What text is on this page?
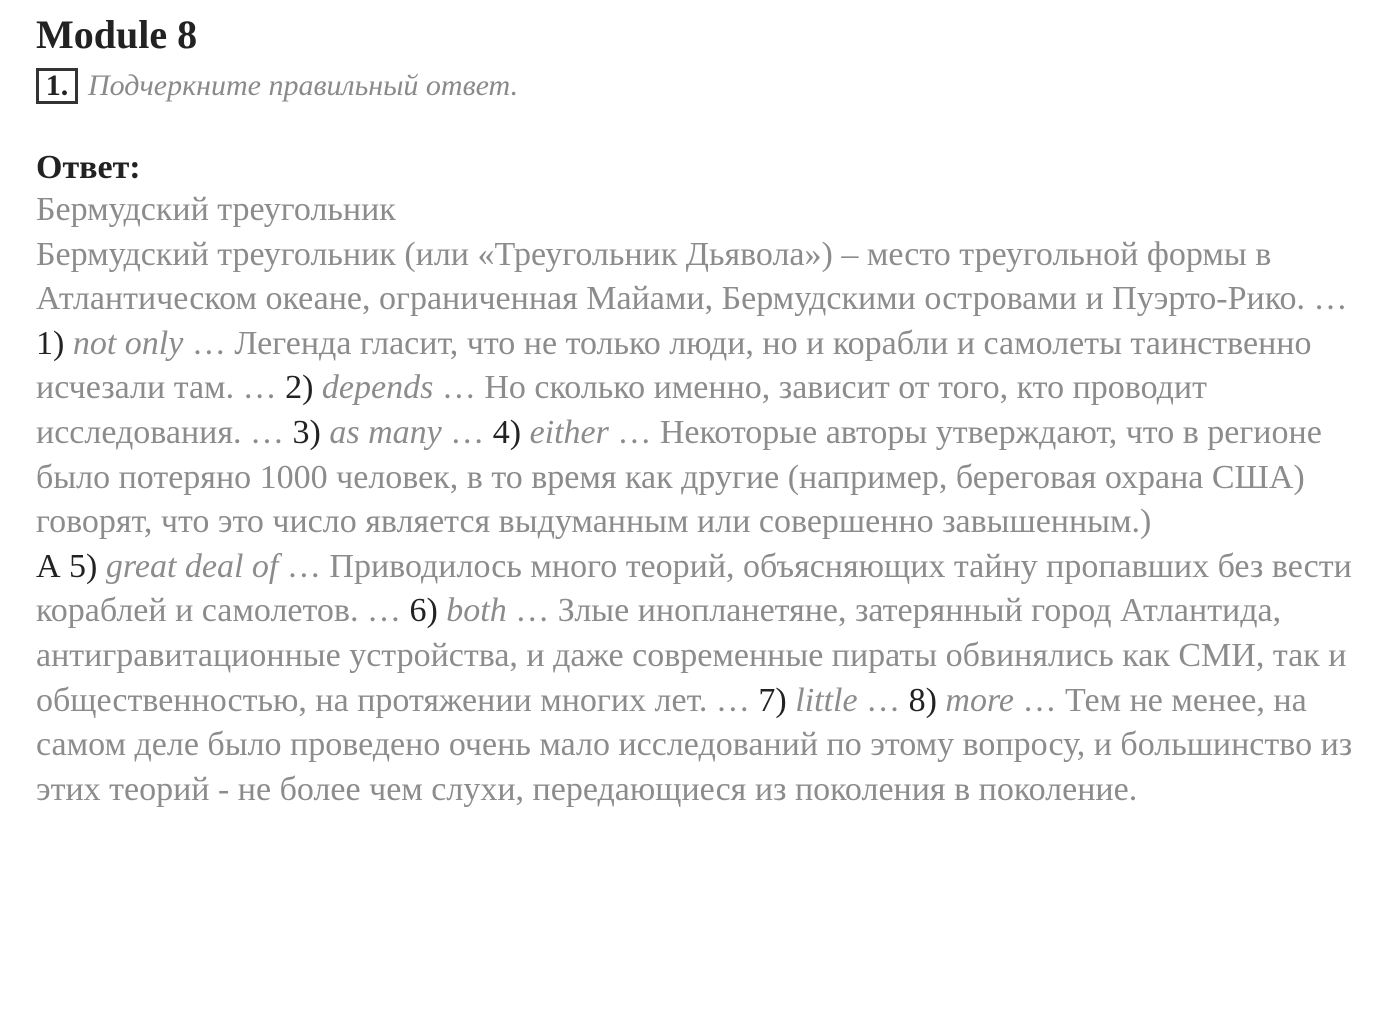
Module 8
1. Подчеркните правильный ответ.
Ответ:

Бермудский треугольник

Бермудский треугольник (или «Треугольник Дьявола») – место треугольной формы в Атлантическом океане, ограниченная Майами, Бермудскими островами и Пуэрто-Рико. … 1) not only … Легенда гласит, что не только люди, но и корабли и самолеты таинственно исчезали там. … 2) depends … Но сколько именно, зависит от того, кто проводит исследования. … 3) as many … 4) either … Некоторые авторы утверждают, что в регионе было потеряно 1000 человек, в то время как другие (например, береговая охрана США) говорят, что это число является выдуманным или совершенно завышенным.)

А 5) great deal of … Приводилось много теорий, объясняющих тайну пропавших без вести кораблей и самолетов. … 6) both … Злые инопланетяне, затерянный город Атлантида, антигравитационные устройства, и даже современные пираты обвинялись как СМИ, так и общественностью, на протяжении многих лет. … 7) little … 8) more … Тем не менее, на самом деле было проведено очень мало исследований по этому вопросу, и большинство из этих теорий - не более чем слухи, передающиеся из поколения в поколение.
